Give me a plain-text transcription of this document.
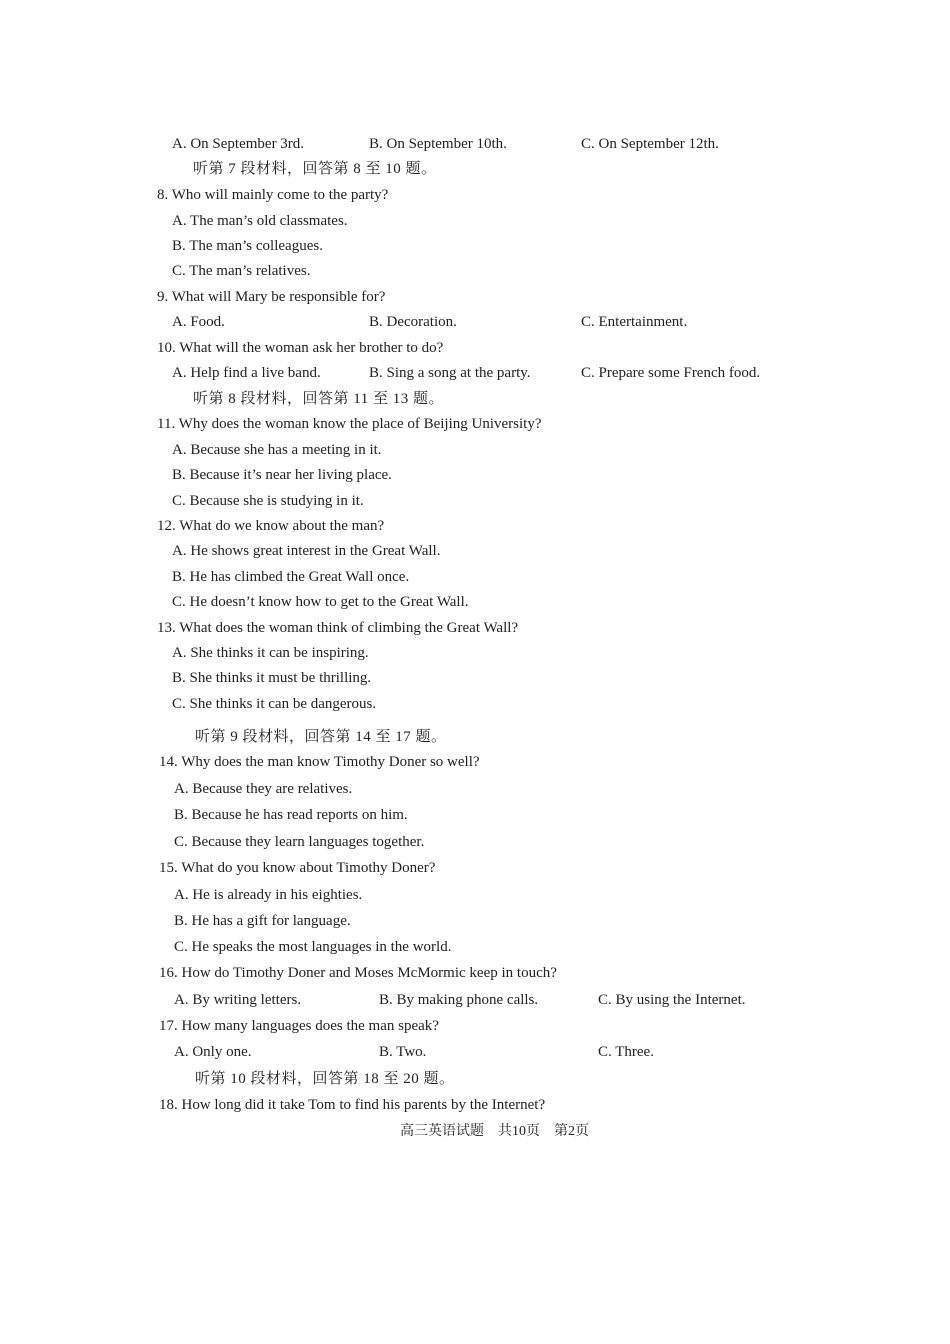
A. On September 3rd.	B. On September 10th.	C. On September 12th.
听第 7 段材料，回答第 8 至 10 题。
8. Who will mainly come to the party?
A. The man’s old classmates.
B. The man’s colleagues.
C. The man’s relatives.
9. What will Mary be responsible for?
A. Food.	B. Decoration.	C. Entertainment.
10. What will the woman ask her brother to do?
A. Help find a live band.	B. Sing a song at the party.	C. Prepare some French food.
听第 8 段材料，回答第 11 至 13 题。
11. Why does the woman know the place of Beijing University?
A. Because she has a meeting in it.
B. Because it’s near her living place.
C. Because she is studying in it.
12. What do we know about the man?
A. He shows great interest in the Great Wall.
B. He has climbed the Great Wall once.
C. He doesn’t know how to get to the Great Wall.
13. What does the woman think of climbing the Great Wall?
A. She thinks it can be inspiring.
B. She thinks it must be thrilling.
C. She thinks it can be dangerous.
听第 9 段材料，回答第 14 至 17 题。
14. Why does the man know Timothy Doner so well?
A. Because they are relatives.
B. Because he has read reports on him.
C. Because they learn languages together.
15. What do you know about Timothy Doner?
A. He is already in his eighties.
B. He has a gift for language.
C. He speaks the most languages in the world.
16. How do Timothy Doner and Moses McMormic keep in touch?
A. By writing letters.	B. By making phone calls.	C. By using the Internet.
17. How many languages does the man speak?
A. Only one.	B. Two.	C. Three.
听第 10 段材料，回答第 18 至 20 题。
18. How long did it take Tom to find his parents by the Internet?
高三英语试题　共10页　第2页
